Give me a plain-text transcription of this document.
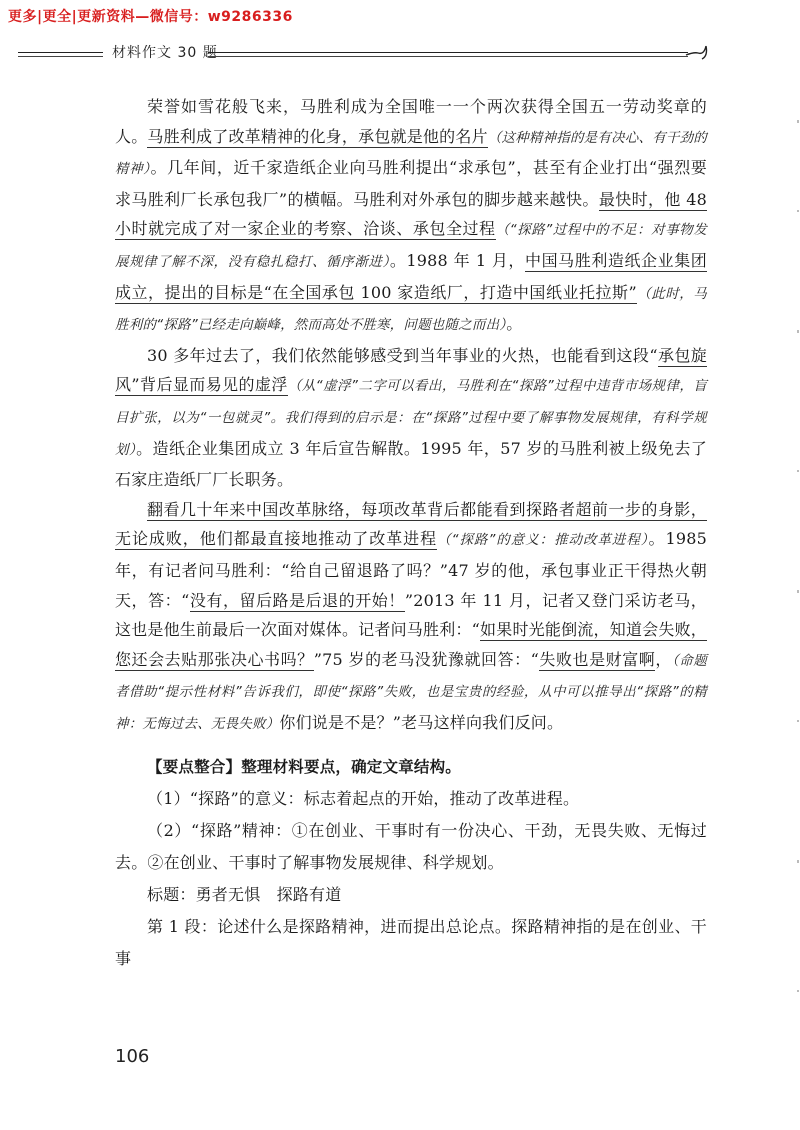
更多|更全|更新资料—微信号：w9286336
材料作文 30 题

荣誉如雪花般飞来，马胜利成为全国唯一一个两次获得全国五一劳动奖章的人。马胜利成了改革精神的化身，承包就是他的名片（这种精神指的是有决心、有干劲的精神）。几年间，近千家造纸企业向马胜利提出“求承包”，甚至有企业打出“强烈要求马胜利厂长承包我厂”的横幅。马胜利对外承包的脚步越来越快。最快时，他 48 小时就完成了对一家企业的考察、洽谈、承包全过程（“探路”过程中的不足：对事物发展规律了解不深，没有稳扎稳打、循序渐进）。1988 年 1 月，中国马胜利造纸企业集团成立，提出的目标是“在全国承包 100 家造纸厂，打造中国纸业托拉斯”（此时，马胜利的“探路”已经走向巅峰，然而高处不胜寒，问题也随之而出）。

30 多年过去了，我们依然能够感受到当年事业的火热，也能看到这段“承包旋风”背后显而易见的虚浮（从“虚浮”二字可以看出，马胜利在“探路”过程中违背市场规律，盲目扩张，以为“一包就灵”。我们得到的启示是：在“探路”过程中要了解事物发展规律，有科学规划）。造纸企业集团成立 3 年后宣告解散。1995 年，57 岁的马胜利被上级免去了石家庄造纸厂厂长职务。

翻看几十年来中国改革脉络，每项改革背后都能看到探路者超前一步的身影，无论成败，他们都最直接地推动了改革进程（“探路”的意义：推动改革进程）。1985 年，有记者问马胜利：“给自己留退路了吗？”47 岁的他，承包事业正干得热火朝天，答：“没有，留后路是后退的开始！”2013 年 11 月，记者又登门采访老马，这也是他生前最后一次面对媒体。记者问马胜利：“如果时光能倒流，知道会失败，您还会去贴那张决心书吗？”75 岁的老马没犹豫就回答：“失败也是财富啊，（命题者借助“提示性材料”告诉我们，即使“探路”失败，也是宝贵的经验，从中可以推导出“探路”的精神：无悔过去、无畏失败）你们说是不是？”老马这样向我们反问。

【要点整合】整理材料要点，确定文章结构。

（1）“探路”的意义：标志着起点的开始，推动了改革进程。

（2）“探路”精神：①在创业、干事时有一份决心、干劲，无畏失败、无悔过去。②在创业、干事时了解事物发展规律、科学规划。

标题：勇者无惧　探路有道

第 1 段：论述什么是探路精神，进而提出总论点。探路精神指的是在创业、干事

106
